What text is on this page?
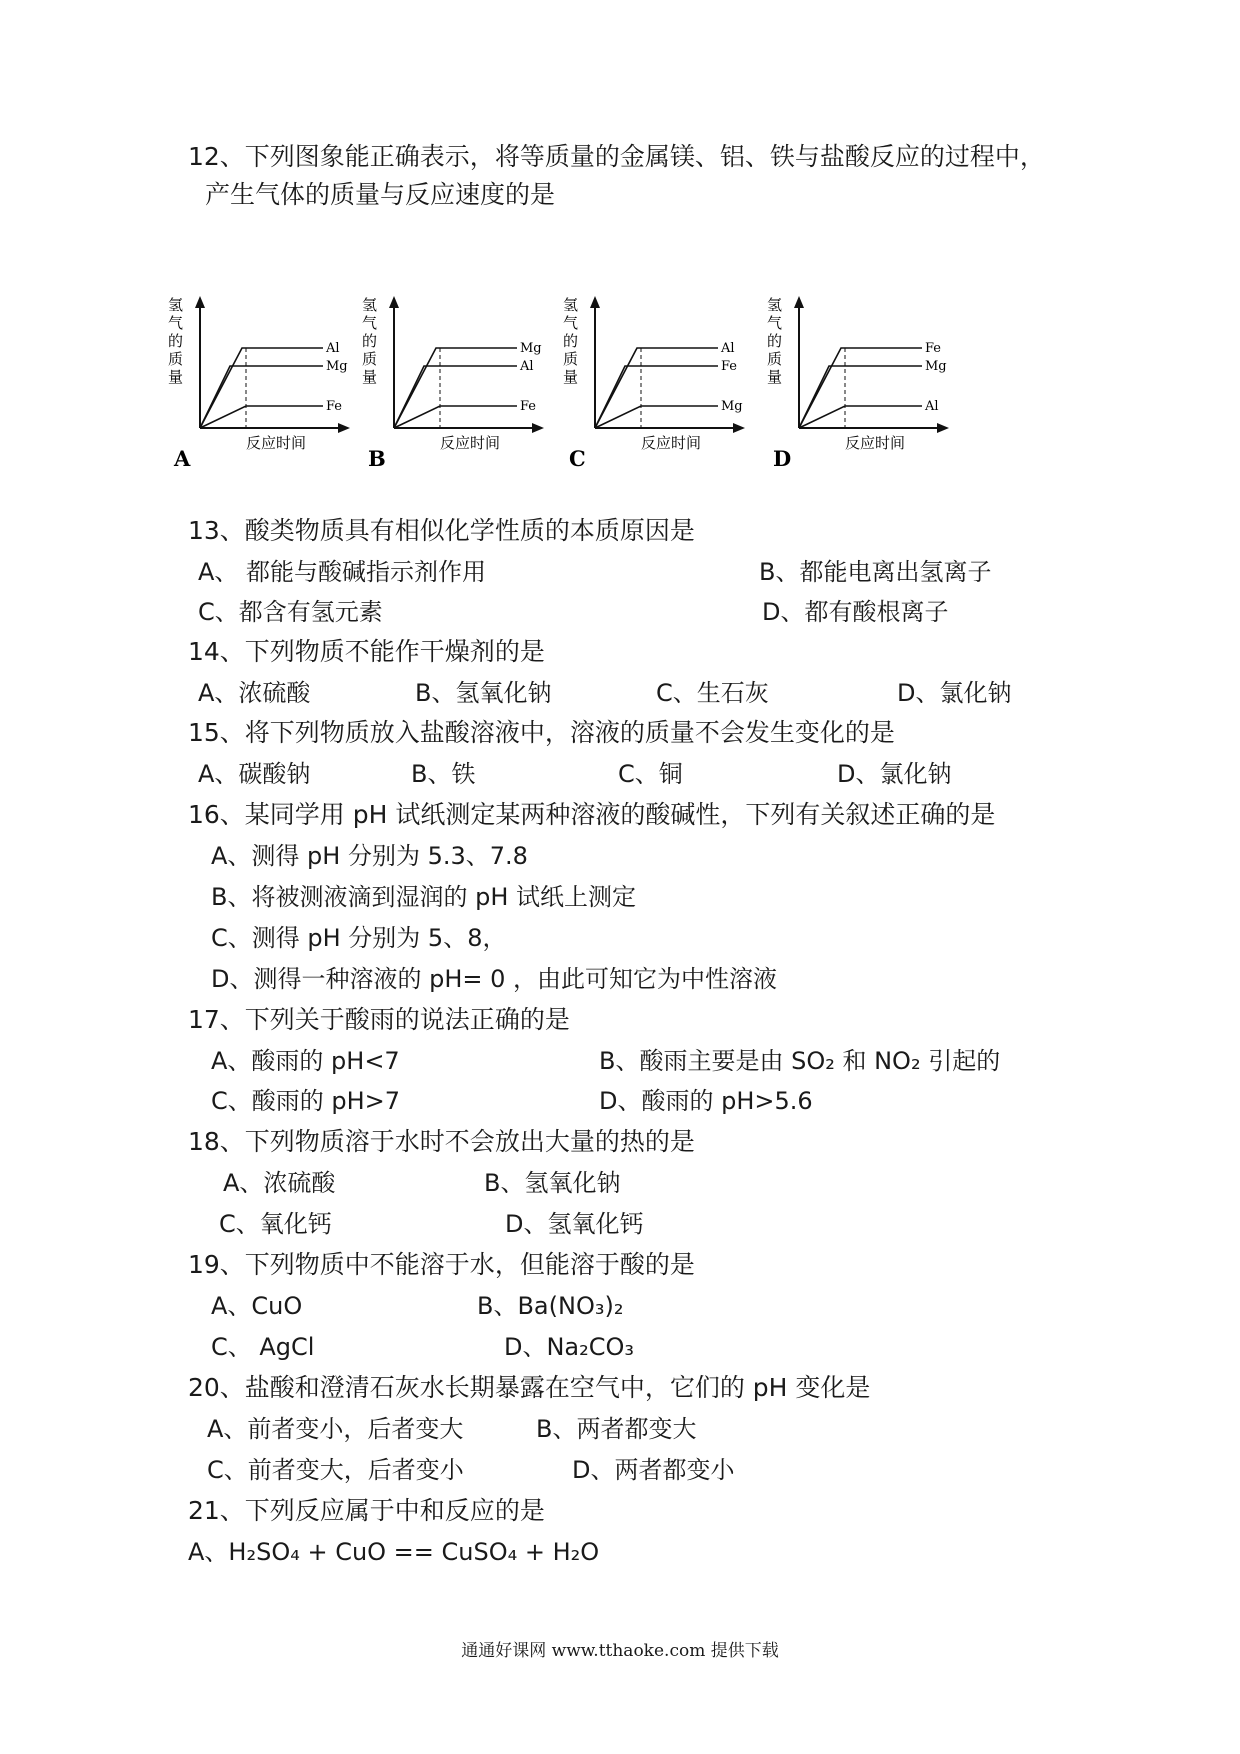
12、下列图象能正确表示，将等质量的金属镁、铝、铁与盐酸反应的过程中，
产生气体的质量与反应速度的是
Al
Mg
Fe
氢
气
的
质
量
反应时间
A
Mg
Al
Fe
氢
气
的
质
量
反应时间
B
Al
Fe
Mg
氢
气
的
质
量
反应时间
C
Fe
Mg
Al
氢
气
的
质
量
反应时间
D
13、酸类物质具有相似化学性质的本质原因是
A、 都能与酸碱指示剂作用	B、都能电离出氢离子
C、都含有氢元素	D、都有酸根离子
14、下列物质不能作干燥剂的是
A、浓硫酸	B、氢氧化钠	C、生石灰	D、氯化钠
15、将下列物质放入盐酸溶液中，溶液的质量不会发生变化的是
A、碳酸钠	B、铁	C、铜	D、氯化钠
16、某同学用 pH 试纸测定某两种溶液的酸碱性，下列有关叙述正确的是
A、测得 pH 分别为 5.3、7.8
B、将被测液滴到湿润的 pH 试纸上测定
C、测得 pH 分别为 5、8，
D、测得一种溶液的 pH= 0 ，由此可知它为中性溶液
17、下列关于酸雨的说法正确的是
A、酸雨的 pH<7	B、酸雨主要是由 SO₂ 和 NO₂ 引起的
C、酸雨的 pH>7	D、酸雨的 pH>5.6
18、下列物质溶于水时不会放出大量的热的是
A、浓硫酸	B、氢氧化钠
C、氧化钙	D、氢氧化钙
19、下列物质中不能溶于水，但能溶于酸的是
A、CuO	B、Ba(NO₃)₂
C、 AgCl	D、Na₂CO₃
20、盐酸和澄清石灰水长期暴露在空气中，它们的 pH 变化是
A、前者变小，后者变大	B、两者都变大
C、前者变大，后者变小	D、两者都变小
21、下列反应属于中和反应的是
A、H₂SO₄ + CuO == CuSO₄ + H₂O
通通好课网 www.tthaoke.com 提供下载
